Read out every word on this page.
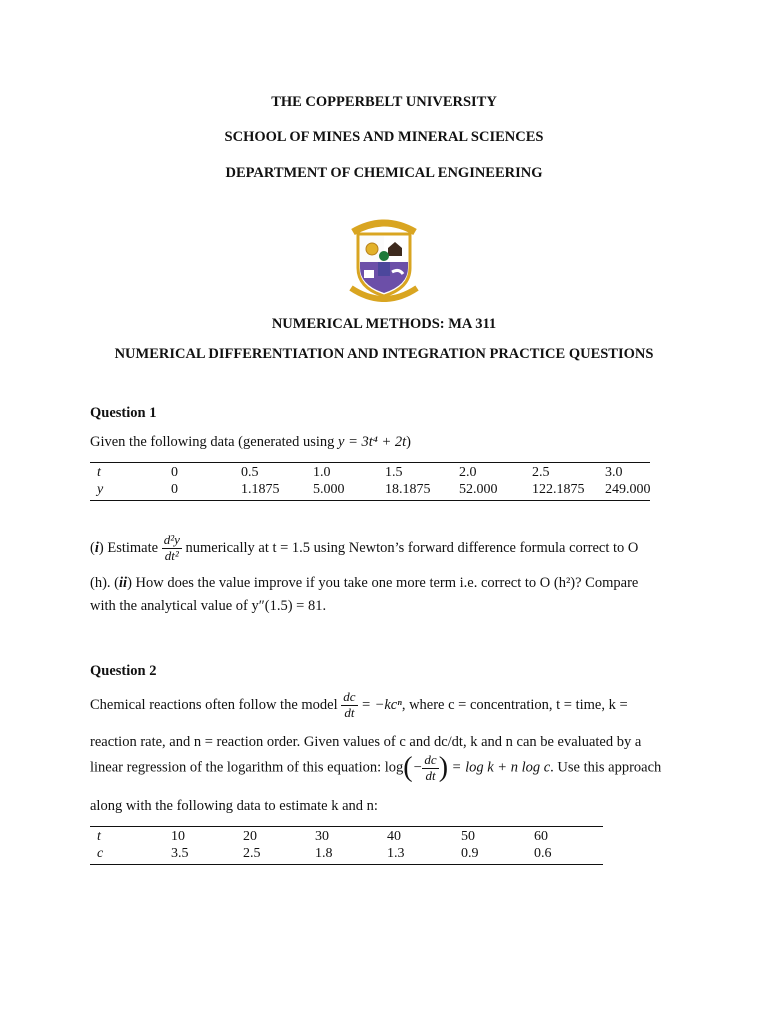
THE COPPERBELT UNIVERSITY
SCHOOL OF MINES AND MINERAL SCIENCES
DEPARTMENT OF CHEMICAL ENGINEERING
NUMERICAL METHODS: MA 311
NUMERICAL DIFFERENTIATION AND INTEGRATION PRACTICE QUESTIONS
Question 1
Given the following data (generated using y = 3t⁴ + 2t)
t	0	0.5	1.0	1.5	2.0	2.5	3.0
y	0	1.1875	5.000	18.1875	52.000	122.1875	249.000
(i) Estimate $\frac{\text{d²y}}{\text{dt²}}$ numerically at t = 1.5 using Newton’s forward difference formula correct to O
(h). (ii) How does the value improve if you take one more term i.e. correct to O (h²)? Compare
with the analytical value of y″(1.5) = 81.
Question 2
Chemical reactions often follow the model $\frac{dc}{dt} = -kc^n$, where c = concentration, t = time, k =
reaction rate, and n = reaction order. Given values of c and dc/dt, k and n can be evaluated by a
linear regression of the logarithm of this equation: $\log(- \frac{dc}{dt}$ ) = log k + n log c. Use this approach
along with the following data to estimate k and n:
t	10	20	30	40	50	60
c	3.5	2.5	1.8	1.3	0.9	0.6
